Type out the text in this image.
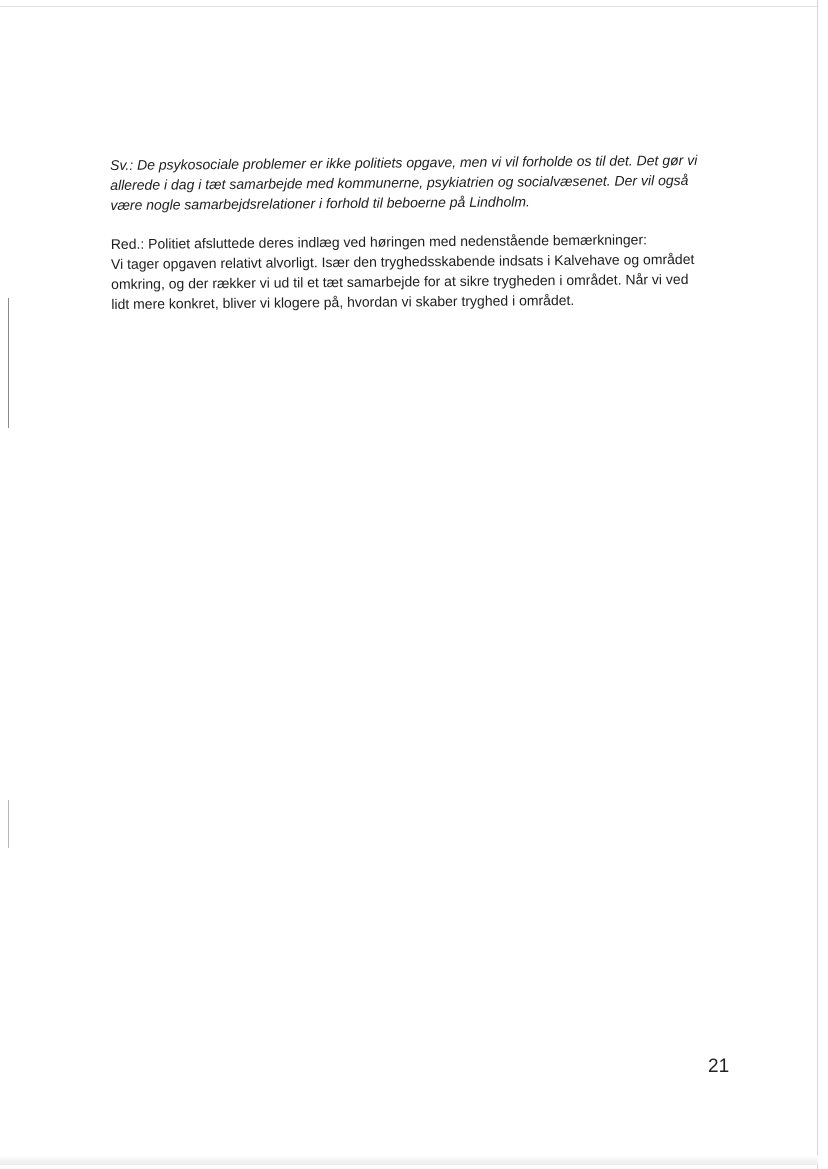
Sv.: De psykosociale problemer er ikke politiets opgave, men vi vil forholde os til det. Det gør vi
allerede i dag i tæt samarbejde med kommunerne, psykiatrien og socialvæsenet. Der vil også
være nogle samarbejdsrelationer i forhold til beboerne på Lindholm.

Red.: Politiet afsluttede deres indlæg ved høringen med nedenstående bemærkninger:
Vi tager opgaven relativt alvorligt. Især den tryghedsskabende indsats i Kalvehave og området
omkring, og der rækker vi ud til et tæt samarbejde for at sikre trygheden i området. Når vi ved
lidt mere konkret, bliver vi klogere på, hvordan vi skaber tryghed i området.

21
